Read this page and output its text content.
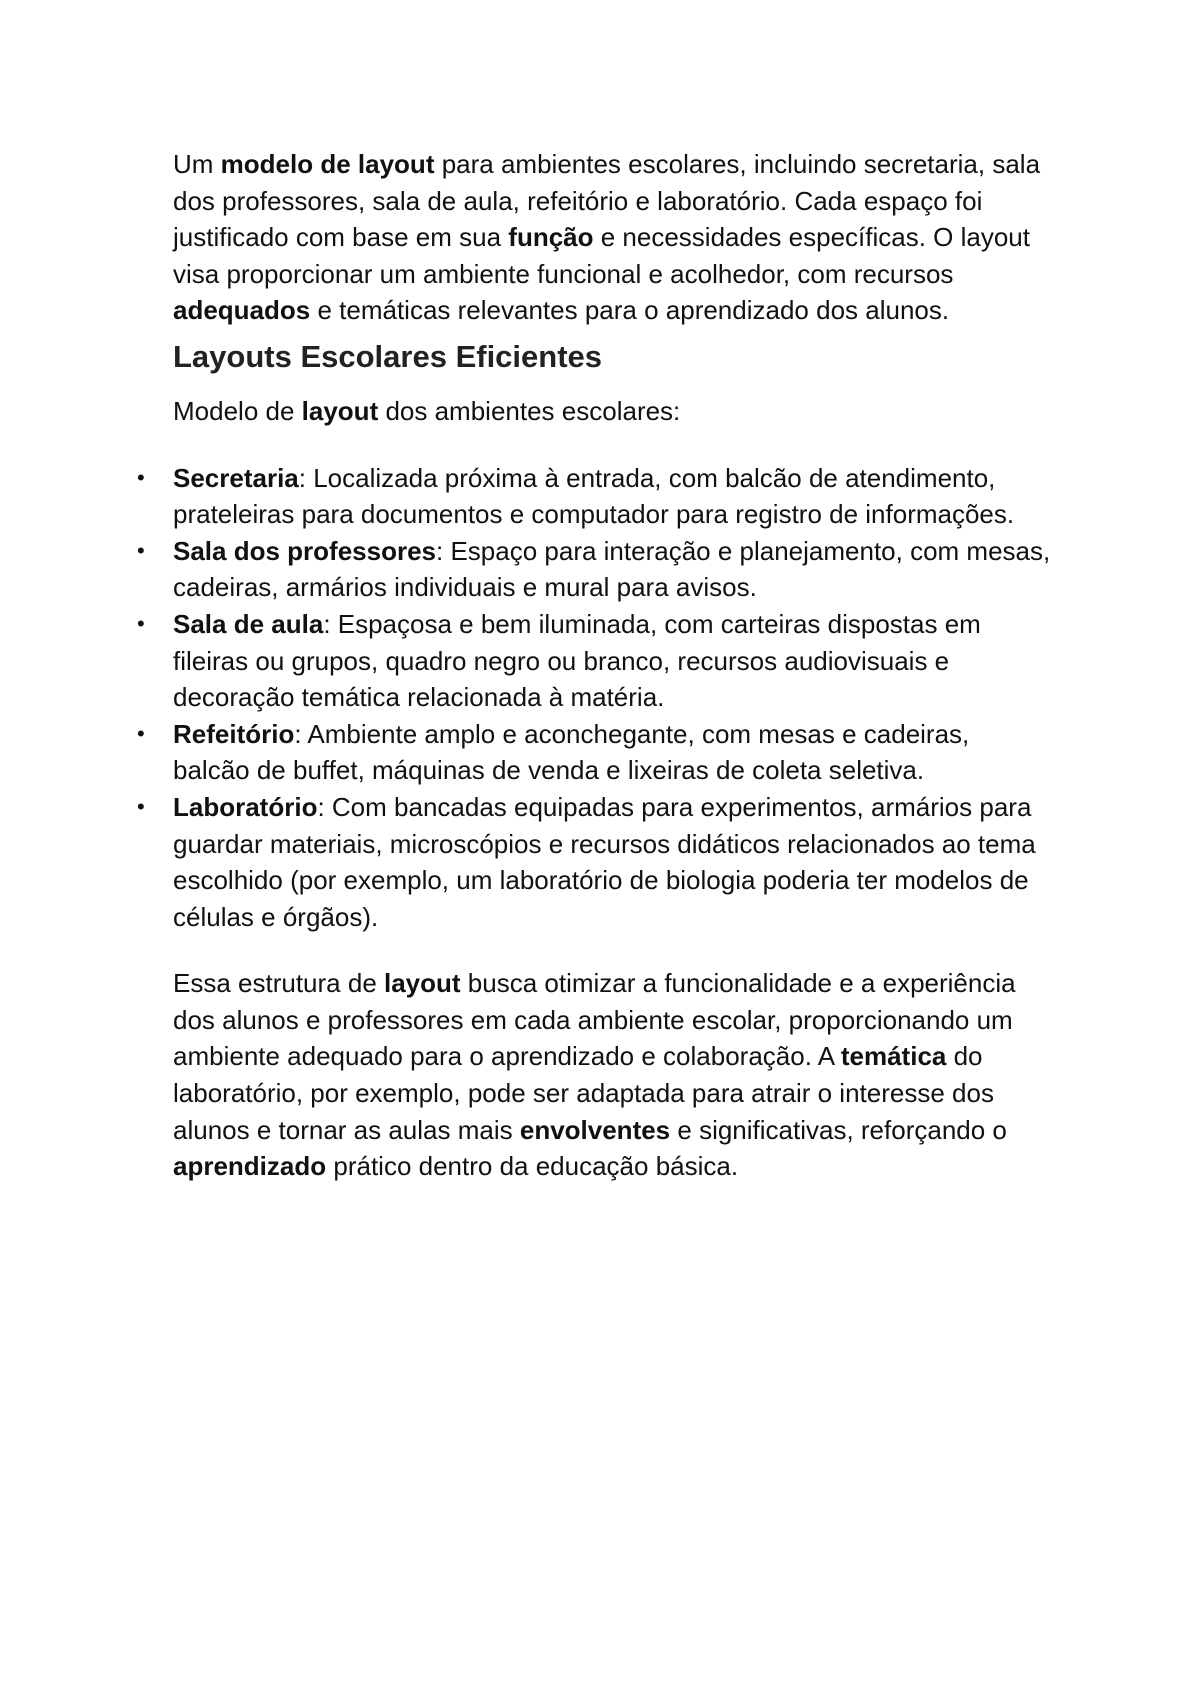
Um modelo de layout para ambientes escolares, incluindo secretaria, sala dos professores, sala de aula, refeitório e laboratório. Cada espaço foi justificado com base em sua função e necessidades específicas. O layout visa proporcionar um ambiente funcional e acolhedor, com recursos adequados e temáticas relevantes para o aprendizado dos alunos.

Layouts Escolares Eficientes

Modelo de layout dos ambientes escolares:

• Secretaria: Localizada próxima à entrada, com balcão de atendimento, prateleiras para documentos e computador para registro de informações.
• Sala dos professores: Espaço para interação e planejamento, com mesas, cadeiras, armários individuais e mural para avisos.
• Sala de aula: Espaçosa e bem iluminada, com carteiras dispostas em fileiras ou grupos, quadro negro ou branco, recursos audiovisuais e decoração temática relacionada à matéria.
• Refeitório: Ambiente amplo e aconchegante, com mesas e cadeiras, balcão de buffet, máquinas de venda e lixeiras de coleta seletiva.
• Laboratório: Com bancadas equipadas para experimentos, armários para guardar materiais, microscópios e recursos didáticos relacionados ao tema escolhido (por exemplo, um laboratório de biologia poderia ter modelos de células e órgãos).

Essa estrutura de layout busca otimizar a funcionalidade e a experiência dos alunos e professores em cada ambiente escolar, proporcionando um ambiente adequado para o aprendizado e colaboração. A temática do laboratório, por exemplo, pode ser adaptada para atrair o interesse dos alunos e tornar as aulas mais envolventes e significativas, reforçando o aprendizado prático dentro da educação básica.
